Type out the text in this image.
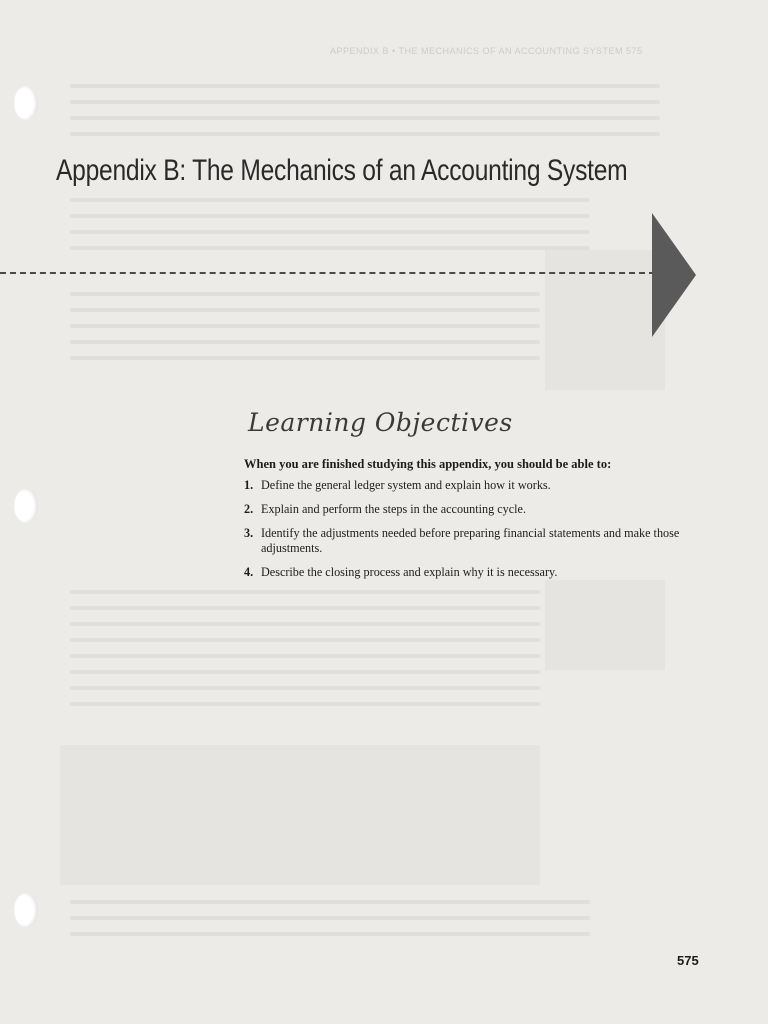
APPENDIX B • THE MECHANICS OF AN ACCOUNTING SYSTEM 575
Appendix B: The Mechanics of an Accounting System
Learning Objectives
When you are finished studying this appendix, you should be able to:
1. Define the general ledger system and explain how it works.
2. Explain and perform the steps in the accounting cycle.
3. Identify the adjustments needed before preparing financial statements and make those adjustments.
4. Describe the closing process and explain why it is necessary.
575
